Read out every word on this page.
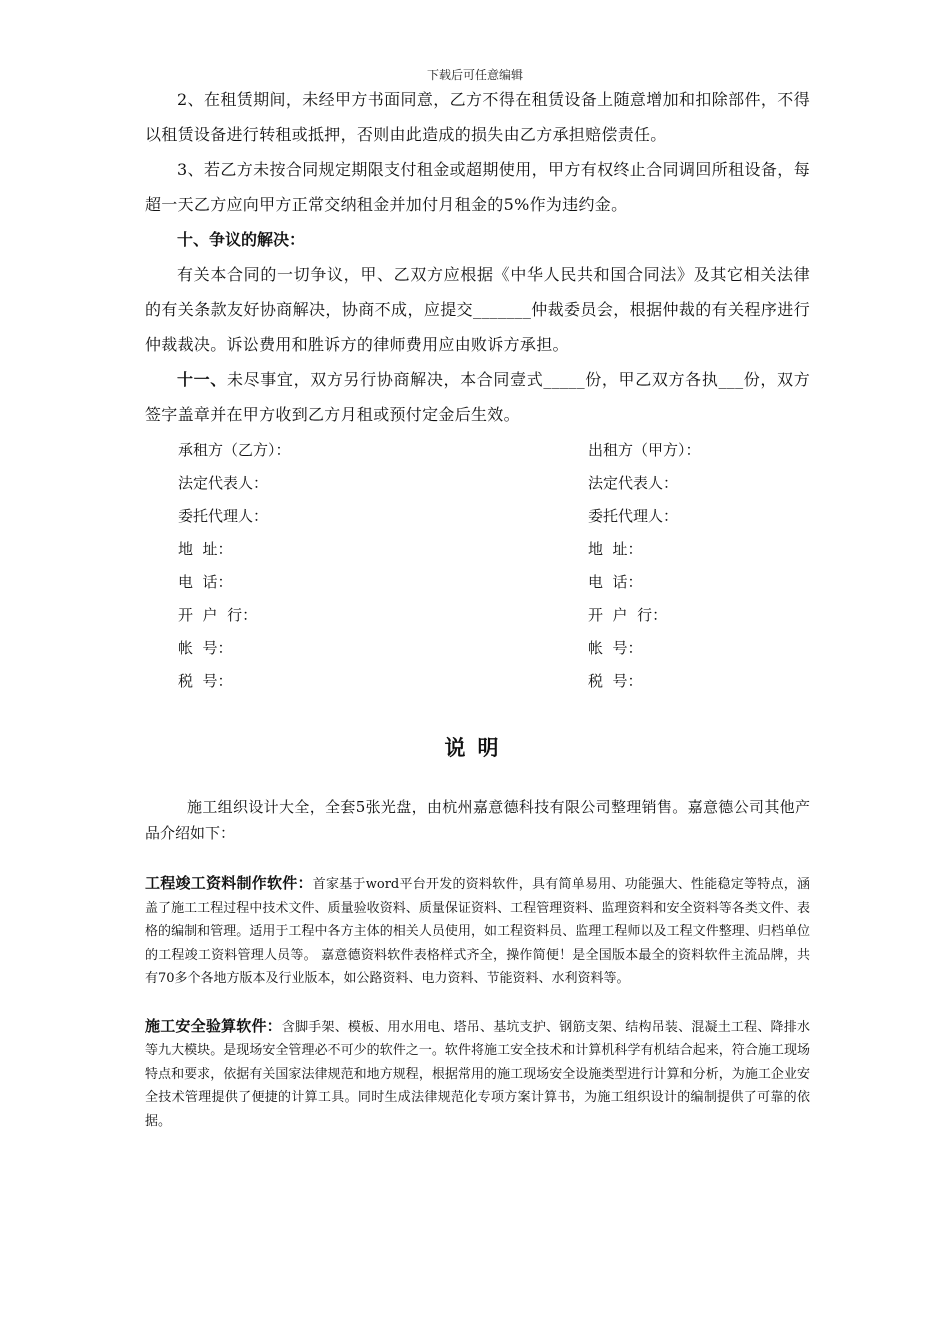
下载后可任意编辑

2、在租赁期间，未经甲方书面同意，乙方不得在租赁设备上随意增加和扣除部件，不得以租赁设备进行转租或抵押，否则由此造成的损失由乙方承担赔偿责任。

3、若乙方未按合同规定期限支付租金或超期使用，甲方有权终止合同调回所租设备，每超一天乙方应向甲方正常交纳租金并加付月租金的5%作为违约金。

十、争议的解决：

有关本合同的一切争议，甲、乙双方应根据《中华人民共和国合同法》及其它相关法律的有关条款友好协商解决，协商不成，应提交_______仲裁委员会，根据仲裁的有关程序进行仲裁裁决。诉讼费用和胜诉方的律师费用应由败诉方承担。

十一、未尽事宜，双方另行协商解决，本合同壹式_____份，甲乙双方各执___份，双方签字盖章并在甲方收到乙方月租或预付定金后生效。

承租方（乙方）：	出租方（甲方）：
法定代表人：	法定代表人：
委托代理人：	委托代理人：
地  址：	地  址：
电  话：	电  话：
开  户  行：	开  户  行：
帐  号：	帐  号：
税  号：	税  号：
说明

施工组织设计大全，全套5张光盘，由杭州嘉意德科技有限公司整理销售。嘉意德公司其他产品介绍如下：

工程竣工资料制作软件：首家基于word平台开发的资料软件，具有简单易用、功能强大、性能稳定等特点，涵盖了施工工程过程中技术文件、质量验收资料、质量保证资料、工程管理资料、监理资料和安全资料等各类文件、表格的编制和管理。适用于工程中各方主体的相关人员使用，如工程资料员、监理工程师以及工程文件整理、归档单位的工程竣工资料管理人员等。 嘉意德资料软件表格样式齐全，操作简便！是全国版本最全的资料软件主流品牌，共有70多个各地方版本及行业版本，如公路资料、电力资料、节能资料、水利资料等。

施工安全验算软件：含脚手架、模板、用水用电、塔吊、基坑支护、钢筋支架、结构吊装、混凝土工程、降排水等九大模块。是现场安全管理必不可少的软件之一。软件将施工安全技术和计算机科学有机结合起来，符合施工现场特点和要求，依据有关国家法律规范和地方规程，根据常用的施工现场安全设施类型进行计算和分析，为施工企业安全技术管理提供了便捷的计算工具。同时生成法律规范化专项方案计算书，为施工组织设计的编制提供了可靠的依据。
